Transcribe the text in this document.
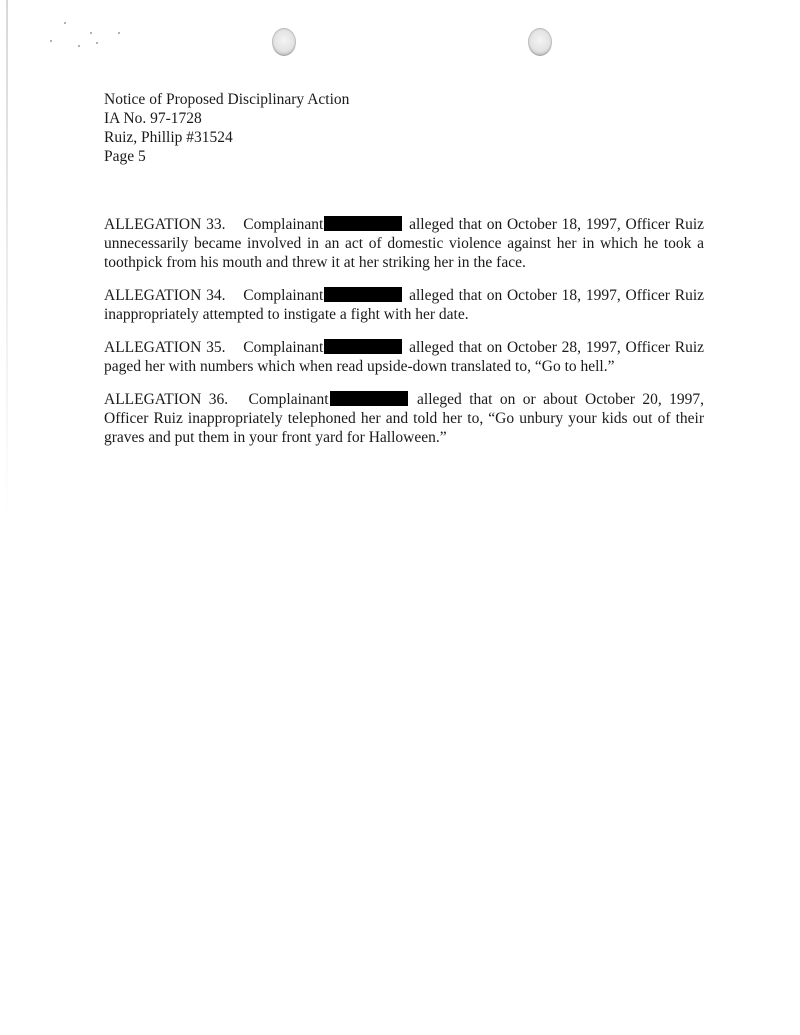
Notice of Proposed Disciplinary Action
IA No. 97-1728
Ruiz, Phillip #31524
Page 5

ALLEGATION 33. Complainant	alleged that on October 18, 1997, Officer Ruiz unnecessarily became involved in an act of domestic violence against her in which he took a toothpick from his mouth and threw it at her striking her in the face.

ALLEGATION 34. Complainant	alleged that on October 18, 1997, Officer Ruiz inappropriately attempted to instigate a fight with her date.

ALLEGATION 35. Complainant	alleged that on October 28, 1997, Officer Ruiz paged her with numbers which when read upside-down translated to, “Go to hell.”

ALLEGATION 36. Complainant	alleged that on or about October 20, 1997, Officer Ruiz inappropriately telephoned her and told her to, “Go unbury your kids out of their graves and put them in your front yard for Halloween.”
